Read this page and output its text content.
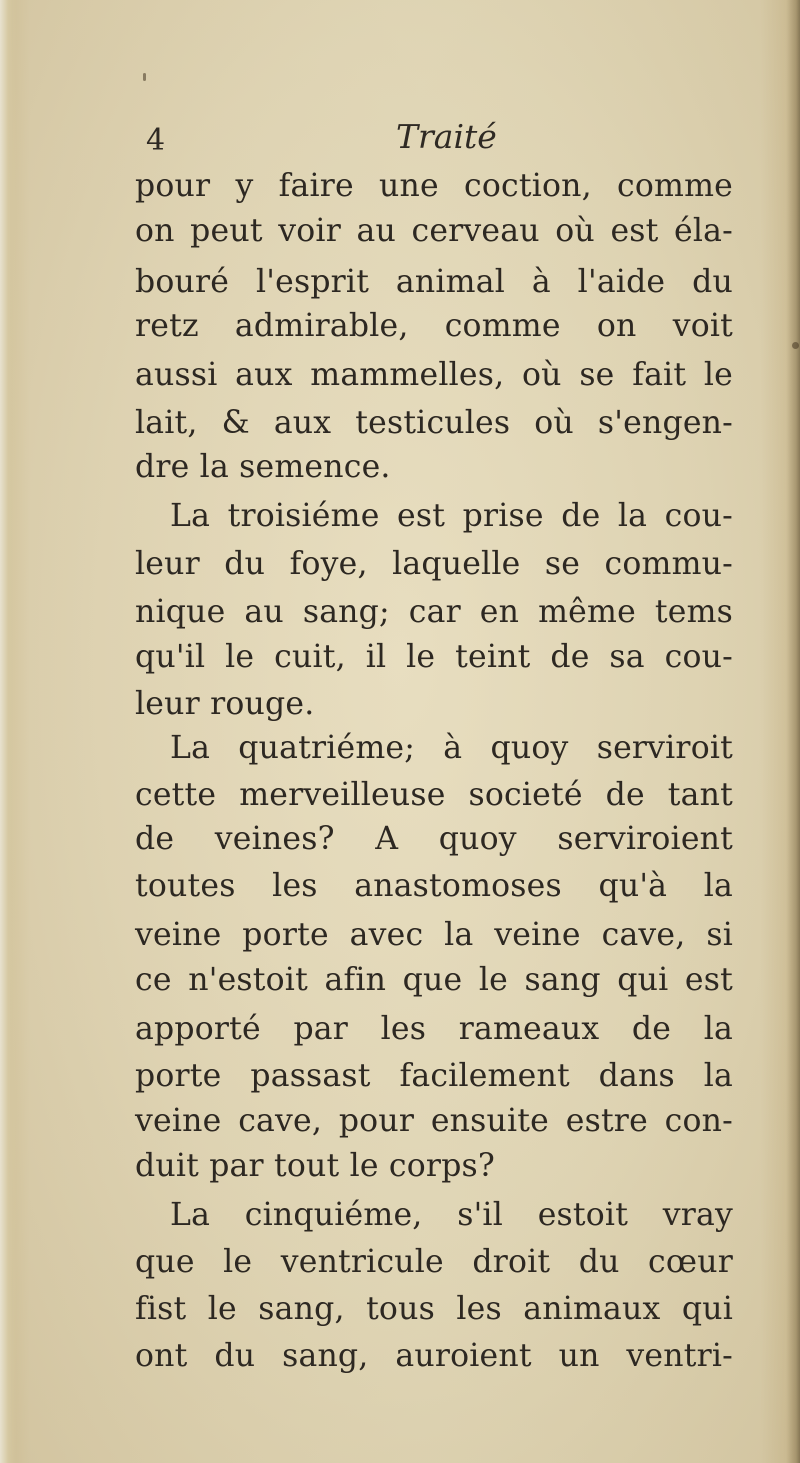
4	Traité
pour y faire une coction, comme
on peut voir au cerveau où est éla-
bouré l'esprit animal à l'aide du
retz admirable, comme on voit
aussi aux mammelles, où se fait le
lait, & aux testicules où s'engen-
dre la semence.
La troisiéme est prise de la cou-
leur du foye, laquelle se commu-
nique au sang; car en même tems
qu'il le cuit, il le teint de sa cou-
leur rouge.
La quatriéme; à quoy serviroit
cette merveilleuse societé de tant
de veines? A quoy serviroient
toutes les anastomoses qu'à la
veine porte avec la veine cave, si
ce n'estoit afin que le sang qui est
apporté par les rameaux de la
porte passast facilement dans la
veine cave, pour ensuite estre con-
duit par tout le corps?
La cinquiéme, s'il estoit vray
que le ventricule droit du cœur
fist le sang, tous les animaux qui
ont du sang, auroient un ventri-
